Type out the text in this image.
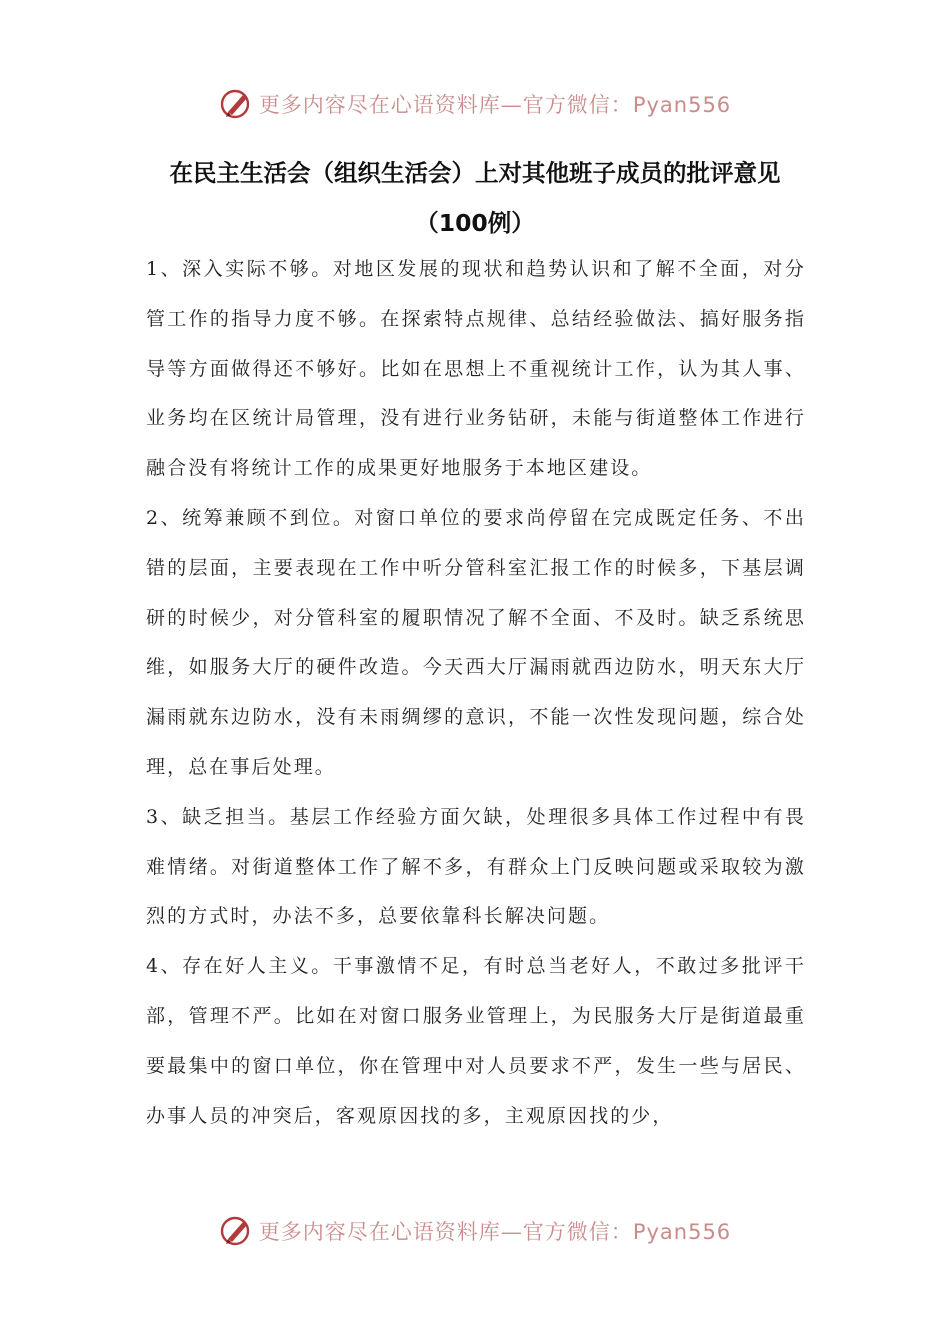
更多内容尽在心语资料库—官方微信：Pyan556
在民主生活会（组织生活会）上对其他班子成员的批评意见（100例）

1、深入实际不够。对地区发展的现状和趋势认识和了解不全面，对分管工作的指导力度不够。在探索特点规律、总结经验做法、搞好服务指导等方面做得还不够好。比如在思想上不重视统计工作，认为其人事、业务均在区统计局管理，没有进行业务钻研，未能与街道整体工作进行融合没有将统计工作的成果更好地服务于本地区建设。

2、统筹兼顾不到位。对窗口单位的要求尚停留在完成既定任务、不出错的层面，主要表现在工作中听分管科室汇报工作的时候多，下基层调研的时候少，对分管科室的履职情况了解不全面、不及时。缺乏系统思维，如服务大厅的硬件改造。今天西大厅漏雨就西边防水，明天东大厅漏雨就东边防水，没有未雨绸缪的意识，不能一次性发现问题，综合处理，总在事后处理。

3、缺乏担当。基层工作经验方面欠缺，处理很多具体工作过程中有畏难情绪。对街道整体工作了解不多，有群众上门反映问题或采取较为激烈的方式时，办法不多，总要依靠科长解决问题。

4、存在好人主义。干事激情不足，有时总当老好人，不敢过多批评干部，管理不严。比如在对窗口服务业管理上，为民服务大厅是街道最重要最集中的窗口单位，你在管理中对人员要求不严，发生一些与居民、办事人员的冲突后，客观原因找的多，主观原因找的少，

更多内容尽在心语资料库—官方微信：Pyan556
